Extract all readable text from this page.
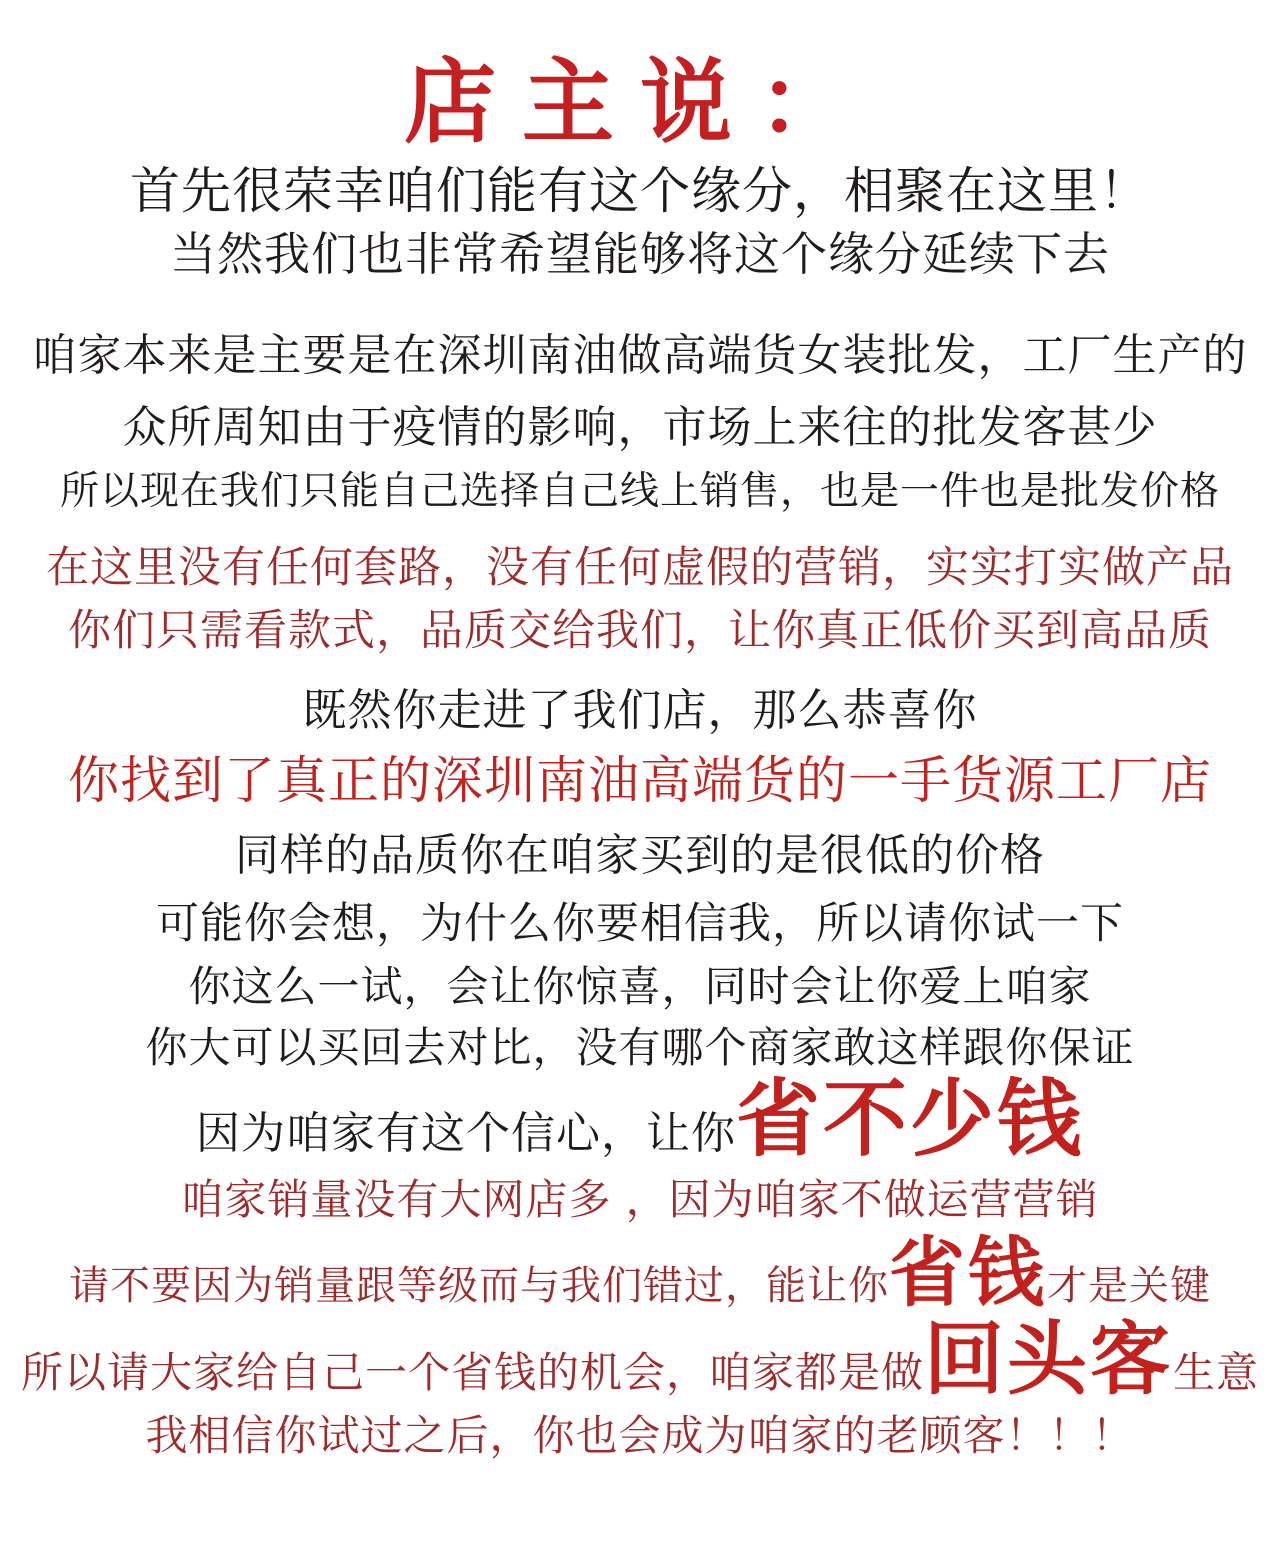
店主说：
首先很荣幸咱们能有这个缘分，相聚在这里！
当然我们也非常希望能够将这个缘分延续下去
咱家本来是主要是在深圳南油做高端货女装批发，工厂生产的
众所周知由于疫情的影响，市场上来往的批发客甚少
所以现在我们只能自己选择自己线上销售，也是一件也是批发价格
在这里没有任何套路，没有任何虚假的营销，实实打实做产品
你们只需看款式，品质交给我们，让你真正低价买到高品质
既然你走进了我们店，那么恭喜你
你找到了真正的深圳南油高端货的一手货源工厂店
同样的品质你在咱家买到的是很低的价格
可能你会想，为什么你要相信我，所以请你试一下
你这么一试，会让你惊喜，同时会让你爱上咱家
你大可以买回去对比，没有哪个商家敢这样跟你保证
因为咱家有这个信心，让你省不少钱
咱家销量没有大网店多 ，因为咱家不做运营营销
请不要因为销量跟等级而与我们错过，能让你省钱才是关键
所以请大家给自己一个省钱的机会，咱家都是做回头客生意
我相信你试过之后，你也会成为咱家的老顾客！！！
